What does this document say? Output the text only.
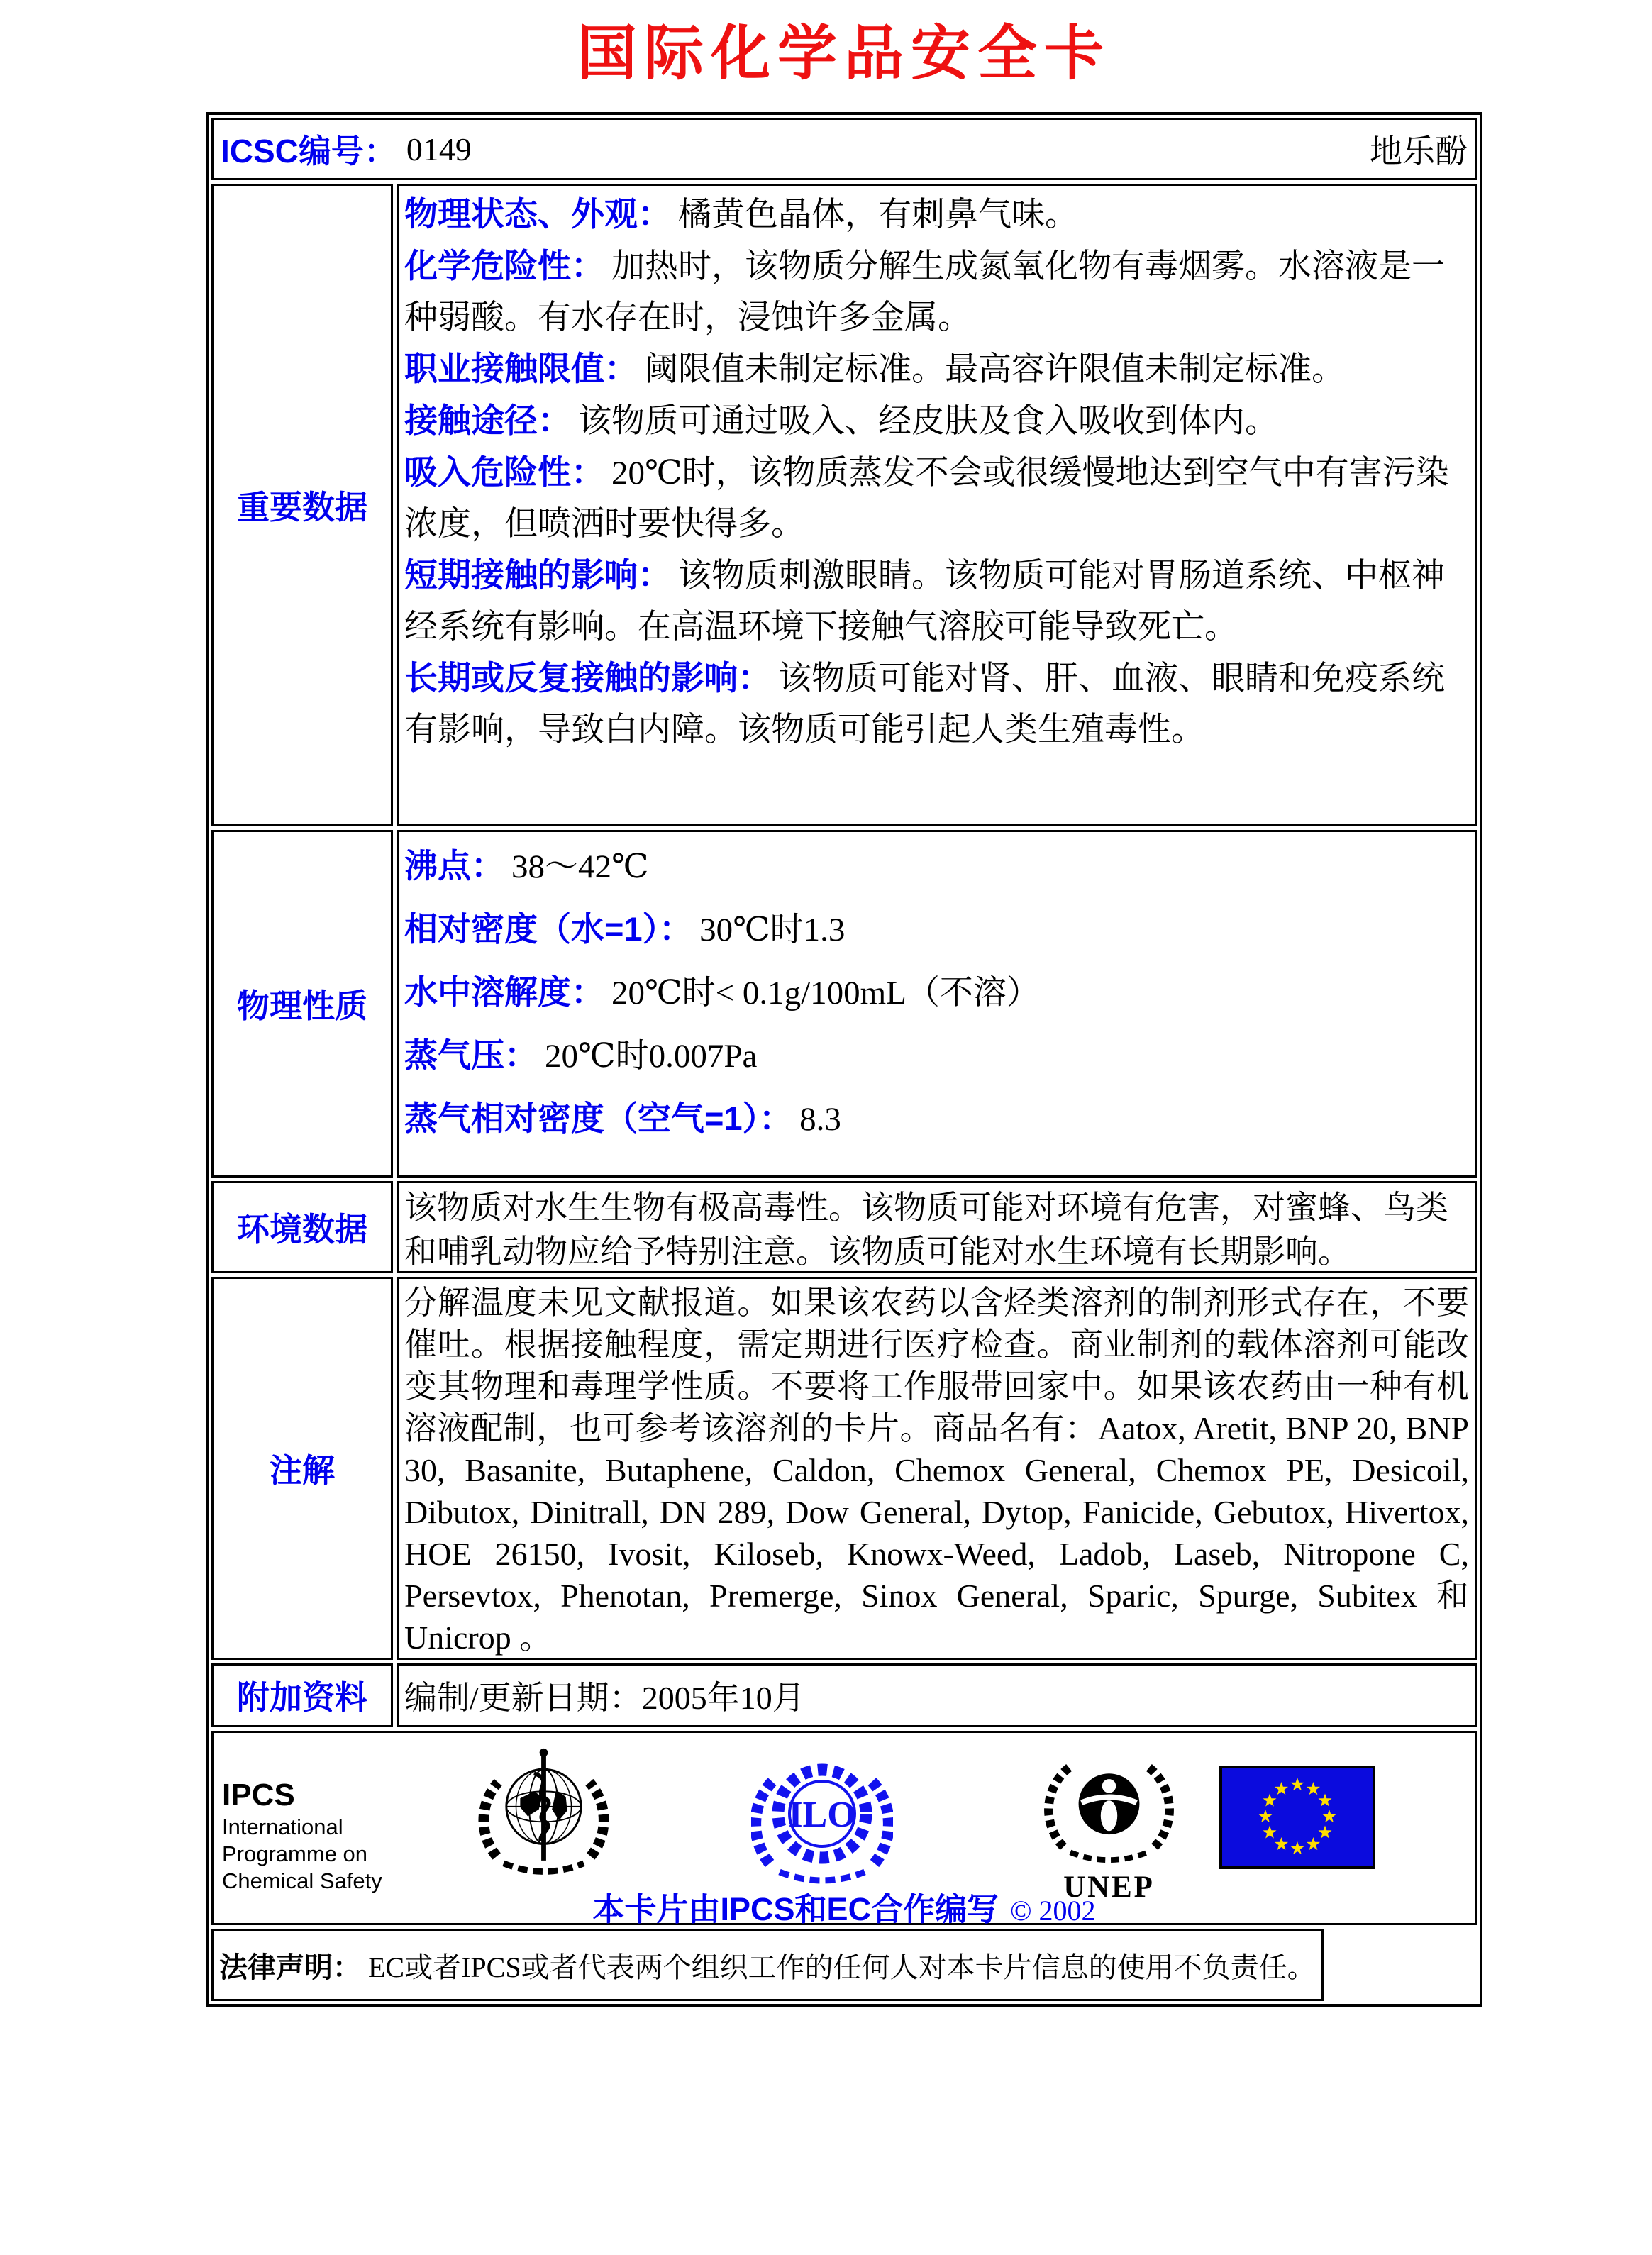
国际化学品安全卡
ICSC编号： 0149	地乐酚
重要数据

物理状态、外观： 橘黄色晶体，有刺鼻气味。

化学危险性： 加热时，该物质分解生成氮氧化物有毒烟雾。水溶液是一种弱酸。有水存在时，浸蚀许多金属。

职业接触限值： 阈限值未制定标准。最高容许限值未制定标准。

接触途径： 该物质可通过吸入、经皮肤及食入吸收到体内。

吸入危险性： 20℃时，该物质蒸发不会或很缓慢地达到空气中有害污染浓度，但喷洒时要快得多。

短期接触的影响： 该物质刺激眼睛。该物质可能对胃肠道系统、中枢神经系统有影响。在高温环境下接触气溶胶可能导致死亡。

长期或反复接触的影响： 该物质可能对肾、肝、血液、眼睛和免疫系统有影响，导致白内障。该物质可能引起人类生殖毒性。

物理性质

沸点： 38～42℃

相对密度（水=1）： 30℃时1.3

水中溶解度： 20℃时< 0.1g/100mL（不溶）

蒸气压： 20℃时0.007Pa

蒸气相对密度（空气=1）： 8.3

环境数据

该物质对水生生物有极高毒性。该物质可能对环境有危害，对蜜蜂、鸟类和哺乳动物应给予特别注意。该物质可能对水生环境有长期影响。

注解

分解温度未见文献报道。如果该农药以含烃类溶剂的制剂形式存在，不要催吐。根据接触程度，需定期进行医疗检查。商业制剂的载体溶剂可能改变其物理和毒理学性质。不要将工作服带回家中。如果该农药由一种有机溶液配制，也可参考该溶剂的卡片。商品名有：Aatox, Aretit, BNP 20, BNP 30, Basanite, Butaphene, Caldon, Chemox General, Chemox PE, Desicoil, Dibutox, Dinitrall, DN 289, Dow General, Dytop, Fanicide, Gebutox, Hivertox, HOE 26150, Ivosit, Kiloseb, Knowx-Weed, Ladob, Laseb, Nitropone C, Persevtox, Phenotan, Premerge, Sinox General, Sparic, Spurge, Subitex 和 Unicrop 。

附加资料	编制/更新日期：2005年10月
IPCS
International
Programme on
Chemical Safety
ILO
UNEP
本卡片由IPCS和EC合作编写 © 2002
法律声明： EC或者IPCS或者代表两个组织工作的任何人对本卡片信息的使用不负责任。
